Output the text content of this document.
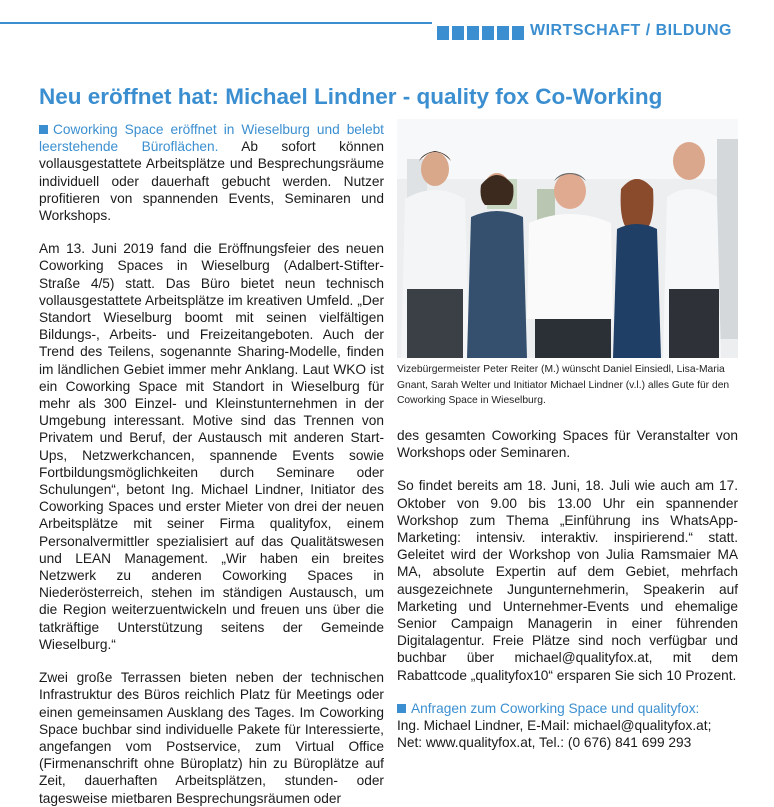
WIRTSCHAFT / BILDUNG
Neu eröffnet hat: Michael Lindner - quality fox Co-Working

Coworking Space eröffnet in Wieselburg und belebt leerstehende Büroflächen. Ab sofort können vollausgestattete Arbeitsplätze und Besprechungsräume individuell oder dauerhaft gebucht werden. Nutzer profitieren von spannenden Events, Seminaren und Workshops.

Am 13. Juni 2019 fand die Eröffnungsfeier des neuen Coworking Spaces in Wieselburg (Adalbert-Stifter-Straße 4/5) statt. Das Büro bietet neun technisch vollausgestattete Arbeitsplätze im kreativen Umfeld. „Der Standort Wieselburg boomt mit seinen vielfältigen Bildungs-, Arbeits- und Freizeitangeboten. Auch der Trend des Teilens, sogenannte Sharing-Modelle, finden im ländlichen Gebiet immer mehr Anklang. Laut WKO ist ein Coworking Space mit Standort in Wieselburg für mehr als 300 Einzel- und Kleinstunternehmen in der Umgebung interessant. Motive sind das Trennen von Privatem und Beruf, der Austausch mit anderen Start-Ups, Netzwerkchancen, spannende Events sowie Fortbildungsmöglichkeiten durch Seminare oder Schulungen“, betont Ing. Michael Lindner, Initiator des Coworking Spaces und erster Mieter von drei der neuen Arbeitsplätze mit seiner Firma qualityfox, einem Personalvermittler spezialisiert auf das Qualitätswesen und LEAN Management. „Wir haben ein breites Netzwerk zu anderen Coworking Spaces in Niederösterreich, stehen im ständigen Austausch, um die Region weiterzuentwickeln und freuen uns über die tatkräftige Unterstützung seitens der Gemeinde Wieselburg.“

Zwei große Terrassen bieten neben der technischen Infrastruktur des Büros reichlich Platz für Meetings oder einen gemeinsamen Ausklang des Tages. Im Coworking Space buchbar sind individuelle Pakete für Interessierte, angefangen vom Postservice, zum Virtual Office (Firmenanschrift ohne Büroplatz) hin zu Büroplätze auf Zeit, dauerhaften Arbeitsplätzen, stunden- oder tagesweise mietbaren Besprechungsräumen oder

Vizebürgermeister Peter Reiter (M.) wünscht Daniel Einsiedl, Lisa-Maria Gnant, Sarah Welter und Initiator Michael Lindner (v.l.) alles Gute für den Coworking Space in Wieselburg.

des gesamten Coworking Spaces für Veranstalter von Workshops oder Seminaren.

So findet bereits am 18. Juni, 18. Juli wie auch am 17. Oktober von 9.00 bis 13.00 Uhr ein spannender Workshop zum Thema „Einführung ins WhatsApp-Marketing: intensiv. interaktiv. inspirierend.“ statt. Geleitet wird der Workshop von Julia Ramsmaier MA MA, absolute Expertin auf dem Gebiet, mehrfach ausgezeichnete Jungunternehmerin, Speakerin auf Marketing und Unternehmer-Events und ehemalige Senior Campaign Managerin in einer führenden Digitalagentur. Freie Plätze sind noch verfügbar und buchbar über michael@qualityfox.at, mit dem Rabattcode „qualityfox10“ ersparen Sie sich 10 Prozent.

Anfragen zum Coworking Space und qualityfox:
Ing. Michael Lindner, E-Mail: michael@qualityfox.at;
Net: www.qualityfox.at, Tel.: (0 676) 841 699 293
